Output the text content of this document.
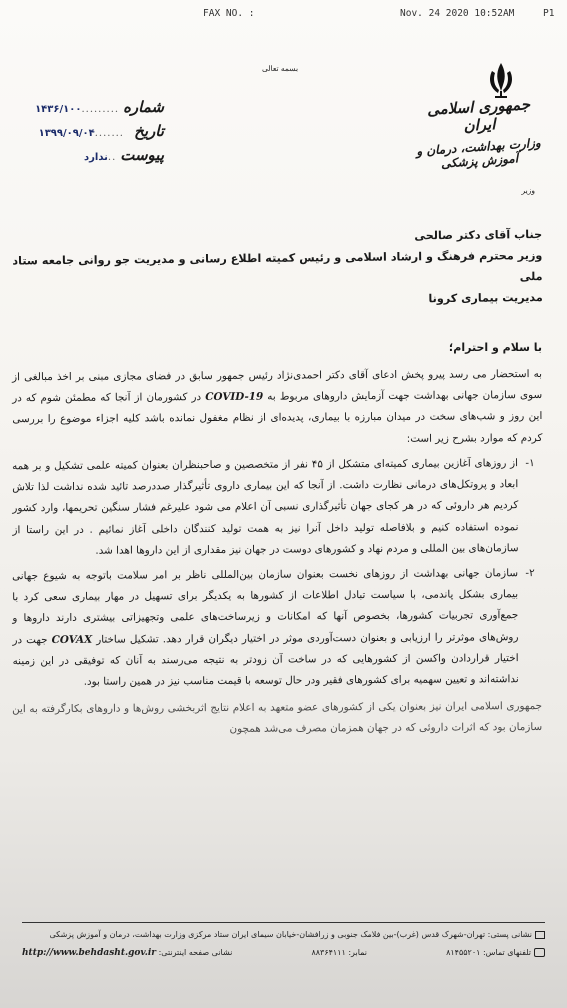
FAX NO. :	Nov. 24 2020 10:52AM	P1
بسمه تعالی
جمهوری اسلامی ایران
وزارت بهداشت، درمان و آموزش پزشکی
وزیر
شماره
.........
۱۴۳۶/۱۰۰
تاریخ
.......
۱۳۹۹/۰۹/۰۴
پیوست
..
ندارد
جناب آقای دکتر صالحی
وزیر محترم فرهنگ و ارشاد اسلامی و رئیس کمیته اطلاع رسانی و مدیریت جو روانی جامعه ستاد ملی
مدیریت بیماری کرونا
با سلام و احترام؛
به استحضار می رسد پیرو پخش ادعای آقای دکتر احمدی‌نژاد رئیس جمهور سابق در فضای مجازی مبنی بر اخذ مبالغی از سوی سازمان جهانی بهداشت جهت آزمایش داروهای مربوط به COVID-19 در کشورمان از آنجا که مطمئن شوم که در این روز و شب‌های سخت در میدان مبارزه با بیماری، پدیده‌ای از نظام مغفول نمانده باشد کلیه اجزاء موضوع را بررسی کردم که موارد بشرح زیر است:
۱-
از روزهای آغازین بیماری کمیته‌ای متشکل از ۴۵ نفر از متخصصین و صاحبنظران بعنوان کمیته علمی تشکیل و بر همه ابعاد و پروتکل‌های درمانی نظارت داشت. از آنجا که این بیماری داروی تأثیرگذار صددرصد تائید شده نداشت لذا تلاش کردیم هر داروئی که در هر کجای جهان تأثیرگذاری نسبی آن اعلام می شود علیرغم فشار سنگین تحریمها، وارد کشور نموده استفاده کنیم و بلافاصله تولید داخل آنرا نیز به همت تولید کنندگان داخلی آغاز نمائیم . در این راستا از سازمان‌های بین المللی و مردم نهاد و کشورهای دوست در جهان نیز مقداری از این داروها اهدا شد.
۲-
سازمان جهانی بهداشت از روزهای نخست بعنوان سازمان بین‌المللی ناظر بر امر سلامت باتوجه به شیوع جهانی بیماری بشکل پاندمی، با سیاست تبادل اطلاعات از کشورها به یکدیگر برای تسهیل در مهار بیماری سعی کرد با جمع‌آوری تجربیات کشورها، بخصوص آنها که امکانات و زیرساخت‌های علمی وتجهیزاتی بیشتری دارند داروها و روش‌های موثرتر را ارزیابی و بعنوان دست‌آوردی موثر در اختیار دیگران قرار دهد. تشکیل ساختار COVAX جهت در اختیار قراردادن واکسن از کشورهایی که در ساخت آن زودتر به نتیجه می‌رسند به آنان که توفیقی در این زمینه نداشته‌اند و تعیین سهمیه برای کشورهای فقیر ودر حال توسعه با قیمت مناسب نیز در همین راستا بود.
جمهوری اسلامی ایران نیز بعنوان یکی از کشورهای عضو متعهد به اعلام نتایج اثربخشی روش‌ها و داروهای بکارگرفته به این سازمان بود که اثرات داروئی که در جهان همزمان مصرف می‌شد همچون
نشانی پستی: تهران-شهرک قدس (غرب)-بین فلامک جنوبی و زرافشان-خیابان سیمای ایران ستاد مرکزی وزارت بهداشت، درمان و آموزش پزشکی
تلفنهای تماس: ۸۱۴۵۵۲۰۱
نمابر: ۸۸۳۶۴۱۱۱
نشانی صفحه اینترنتی: http://www.behdasht.gov.ir
